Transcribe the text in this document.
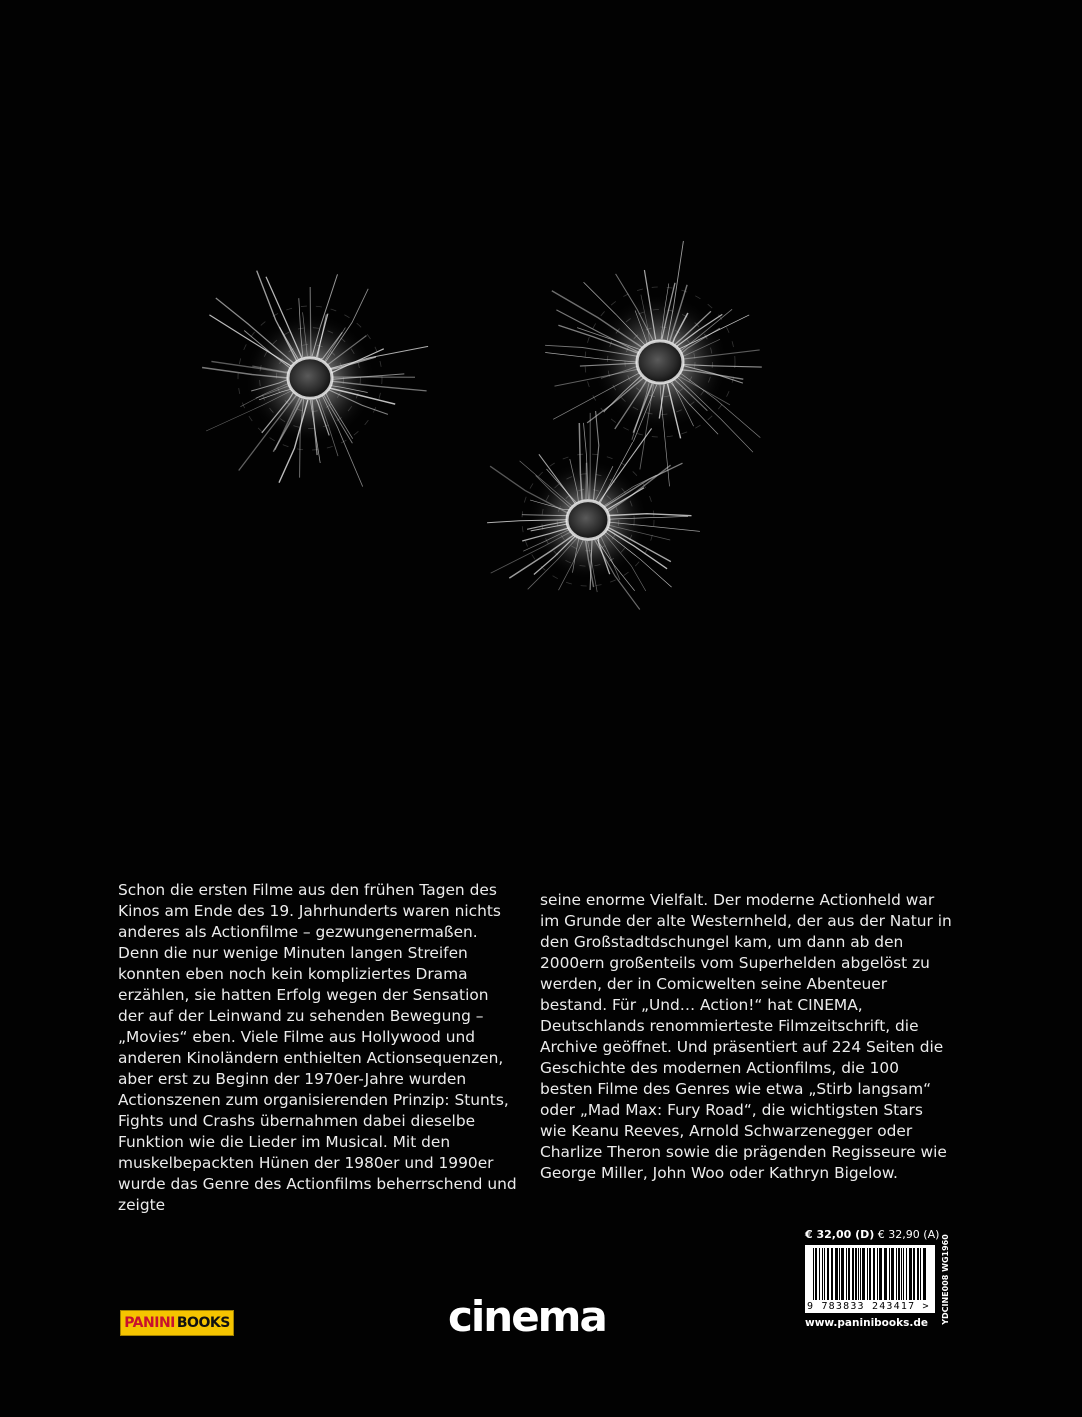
Schon die ersten Filme aus den frühen Tagen des Kinos am Ende des 19. Jahrhunderts waren nichts anderes als Actionfilme – gezwungenermaßen. Denn die nur wenige Minuten langen Streifen konnten eben noch kein kompliziertes Drama erzählen, sie hatten Erfolg wegen der Sensation der auf der Leinwand zu sehenden Bewegung – „Movies“ eben. Viele Filme aus Hollywood und anderen Kinoländern enthielten Actionsequenzen, aber erst zu Beginn der 1970er-Jahre wurden Actionszenen zum organisierenden Prinzip: Stunts, Fights und Crashs übernahmen dabei dieselbe Funktion wie die Lieder im Musical. Mit den muskelbepackten Hünen der 1980er und 1990er wurde das Genre des Actionfilms beherrschend und zeigte

seine enorme Vielfalt. Der moderne Actionheld war im Grunde der alte Westernheld, der aus der Natur in den Großstadtdschungel kam, um dann ab den 2000ern großenteils vom Superhelden abgelöst zu werden, der in Comicwelten seine Abenteuer bestand. Für „Und… Action!“ hat CINEMA, Deutschlands renommierteste Filmzeitschrift, die Archive geöffnet. Und präsentiert auf 224 Seiten die Geschichte des modernen Actionfilms, die 100 besten Filme des Genres wie etwa „Stirb langsam“ oder „Mad Max: Fury Road“, die wichtigsten Stars wie Keanu Reeves, Arnold Schwarzenegger oder Charlize Theron sowie die prägenden Regisseure wie George Miller, John Woo oder Kathryn Bigelow.

€ 32,00 (D) € 32,90 (A)
9 783833 243417 >
www.paninibooks.de YDCINE008 WG1960
PANINI BOOKS	cinema
